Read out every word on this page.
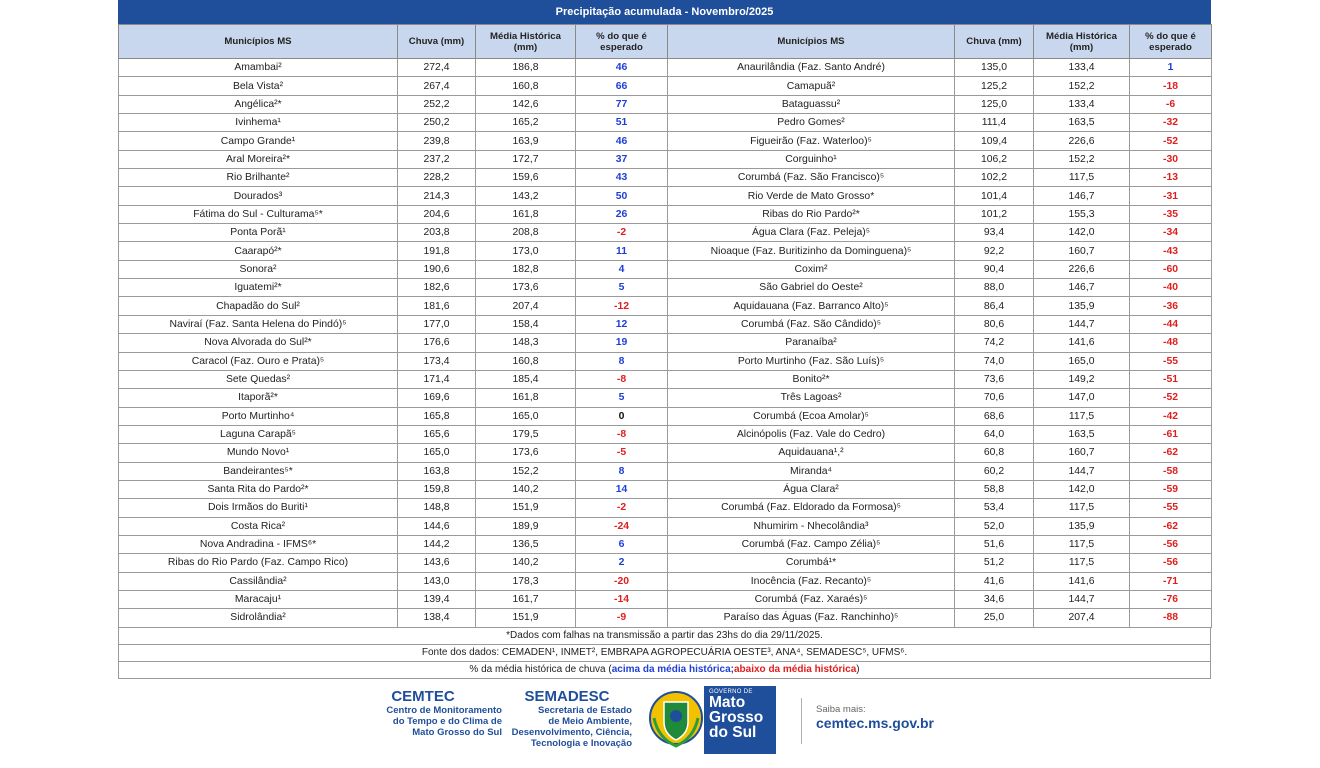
Precipitação acumulada - Novembro/2025
Municípios MS	Chuva (mm)	Média Histórica (mm)	% do que é esperado	Municípios MS	Chuva (mm)	Média Histórica (mm)	% do que é esperado
Amambai²	272,4	186,8	46	Anaurilândia (Faz. Santo André)	135,0	133,4	1
Bela Vista²	267,4	160,8	66	Camapuã²	125,2	152,2	-18
Angélica²*	252,2	142,6	77	Bataguassu²	125,0	133,4	-6
Ivinhema¹	250,2	165,2	51	Pedro Gomes²	111,4	163,5	-32
Campo Grande¹	239,8	163,9	46	Figueirão (Faz. Waterloo)⁵	109,4	226,6	-52
Aral Moreira²*	237,2	172,7	37	Corguinho¹	106,2	152,2	-30
Rio Brilhante²	228,2	159,6	43	Corumbá (Faz. São Francisco)⁵	102,2	117,5	-13
Dourados³	214,3	143,2	50	Rio Verde de Mato Grosso*	101,4	146,7	-31
Fátima do Sul - Culturama⁵*	204,6	161,8	26	Ribas do Rio Pardo²*	101,2	155,3	-35
Ponta Porã¹	203,8	208,8	-2	Água Clara (Faz. Peleja)⁵	93,4	142,0	-34
Caarapó²*	191,8	173,0	11	Nioaque (Faz. Buritizinho da Dominguena)⁵	92,2	160,7	-43
Sonora²	190,6	182,8	4	Coxim²	90,4	226,6	-60
Iguatemi²*	182,6	173,6	5	São Gabriel do Oeste²	88,0	146,7	-40
Chapadão do Sul²	181,6	207,4	-12	Aquidauana (Faz. Barranco Alto)⁵	86,4	135,9	-36
Naviraí (Faz. Santa Helena do Pindó)⁵	177,0	158,4	12	Corumbá (Faz. São Cândido)⁵	80,6	144,7	-44
Nova Alvorada do Sul²*	176,6	148,3	19	Paranaíba²	74,2	141,6	-48
Caracol (Faz. Ouro e Prata)⁵	173,4	160,8	8	Porto Murtinho (Faz. São Luís)⁵	74,0	165,0	-55
Sete Quedas²	171,4	185,4	-8	Bonito²*	73,6	149,2	-51
Itaporã²*	169,6	161,8	5	Três Lagoas²	70,6	147,0	-52
Porto Murtinho⁴	165,8	165,0	0	Corumbá (Ecoa Amolar)⁵	68,6	117,5	-42
Laguna Carapã⁵	165,6	179,5	-8	Alcinópolis (Faz. Vale do Cedro)	64,0	163,5	-61
Mundo Novo¹	165,0	173,6	-5	Aquidauana¹,²	60,8	160,7	-62
Bandeirantes⁵*	163,8	152,2	8	Miranda⁴	60,2	144,7	-58
Santa Rita do Pardo²*	159,8	140,2	14	Água Clara²	58,8	142,0	-59
Dois Irmãos do Buriti¹	148,8	151,9	-2	Corumbá (Faz. Eldorado da Formosa)⁵	53,4	117,5	-55
Costa Rica²	144,6	189,9	-24	Nhumirim - Nhecolândia³	52,0	135,9	-62
Nova Andradina - IFMS⁶*	144,2	136,5	6	Corumbá (Faz. Campo Zélia)⁵	51,6	117,5	-56
Ribas do Rio Pardo (Faz. Campo Rico)	143,6	140,2	2	Corumbá¹*	51,2	117,5	-56
Cassilândia²	143,0	178,3	-20	Inocência (Faz. Recanto)⁵	41,6	141,6	-71
Maracaju¹	139,4	161,7	-14	Corumbá (Faz. Xaraés)⁵	34,6	144,7	-76
Sidrolândia²	138,4	151,9	-9	Paraíso das Águas (Faz. Ranchinho)⁵	25,0	207,4	-88
*Dados com falhas na transmissão a partir das 23hs do dia 29/11/2025.
Fonte dos dados: CEMADEN¹, INMET², EMBRAPA AGROPECUÁRIA OESTE³, ANA⁴, SEMADESC⁵, UFMS⁶.
% da média histórica de chuva ( acima da média histórica; abaixo da média histórica )
CEMTEC
Centro de Monitoramento
do Tempo e do Clima de
Mato Grosso do Sul
SEMADESC
Secretaria de Estado
de Meio Ambiente,
Desenvolvimento, Ciência,
Tecnologia e Inovação
GOVERNO DE
Mato
Grosso
do Sul
Saiba mais:
cemtec.ms.gov.br
